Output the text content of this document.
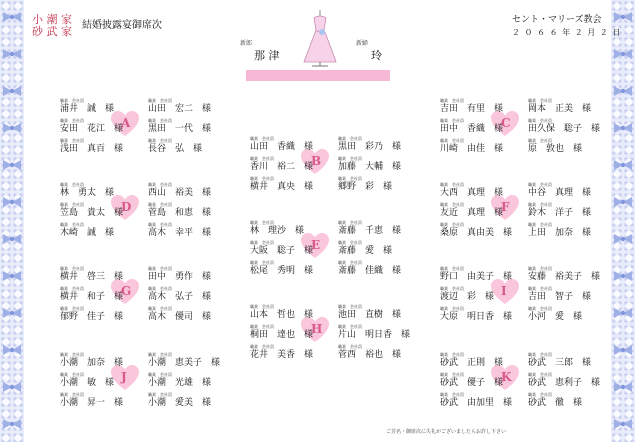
小 潮 家
砂 武 家 結婚披露宴御席次	セント・マリーズ教会
２ ０ ６ ６ 年 ２ 月 ２ 日
新郎
那 津
新婦
玲
A
職業　会社員
浦井　誠　様
職業　会社員
山田　宏二　様
職業　会社員
安田　花江　様
職業　会社員
黒田　一代　様
職業　会社員
浅田　真百　様
職業　会社員
長谷　弘　様
D
職業　会社員
林　勇太　様
職業　会社員
西山　裕美　様
職業　会社員
笠島　貴太　様
職業　会社員
菅島　和恵　様
職業　会社員
木崎　誠　様
職業　会社員
高木　幸平　様
G
職業　会社員
横井　啓三　様
職業　会社員
田中　勇作　様
職業　会社員
横井　和子　様
職業　会社員
高木　弘子　様
職業　会社員
郁野　佳子　様
職業　会社員
高木　優司　様
J
職業　会社員
小潮　加奈　様
職業　会社員
小潮　恵美子　様
職業　会社員
小潮　敏　様
職業　会社員
小潮　光雄　様
職業　会社員
小潮　昇一　様
職業　会社員
小潮　愛美　様
B
職業　会社員
山田　香織　様
職業　会社員
黒田　彩乃　様
職業　会社員
香川　裕二　様
職業　会社員
加藤　大輔　様
職業　会社員
横井　真央　様
職業　会社員
郷野　彩　様
E
職業　会社員
林　理沙　様
職業　会社員
斎藤　千恵　様
職業　会社員
大阪　聡子　様
職業　会社員
斎藤　愛　様
職業　会社員
松尾　秀明　様
職業　会社員
斎藤　佳織　様
H
職業　会社員
山本　哲也　様
職業　会社員
池田　直樹　様
職業　会社員
桐田　達也　様
職業　会社員
片山　明日香　様
職業　会社員
花井　美香　様
職業　会社員
菅西　裕也　様
C
職業　会社員
吉田　有里　様
職業　会社員
岡本　正美　様
職業　会社員
田中　香織　様
職業　会社員
田久保　聡子　様
職業　会社員
川崎　由佳　様
職業　会社員
原　敦也　様
F
職業　会社員
大西　真理　様
職業　会社員
中谷　真理　様
職業　会社員
友近　真理　様
職業　会社員
鈴木　洋子　様
職業　会社員
桑原　真由美　様
職業　会社員
上田　加奈　様
I
職業　会社員
野口　由美子　様
職業　会社員
安藤　裕美子　様
職業　会社員
渡辺　彩　様
職業　会社員
吉田　智子　様
職業　会社員
大原　明日香　様
職業　会社員
小河　愛　様
K
職業　会社員
砂武　正則　様
職業　会社員
砂武　三郎　様
職業　会社員
砂武　優子　様
職業　会社員
砂武　恵利子　様
職業　会社員
砂武　由加里　様
職業　会社員
砂武　徹　様
ご芳名・御席次に失礼がございましたらお許し下さい
